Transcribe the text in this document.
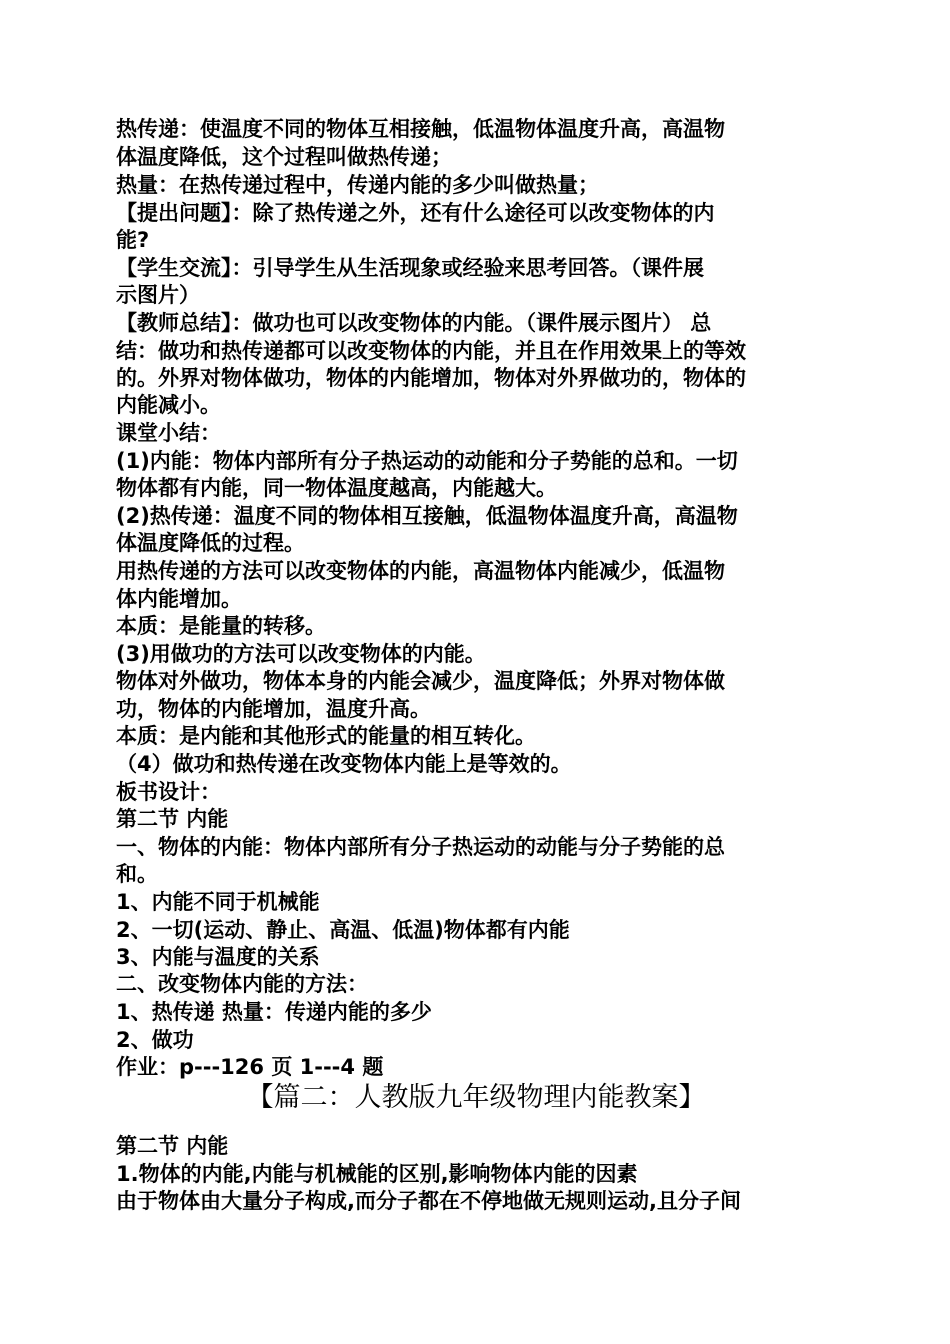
热传递：使温度不同的物体互相接触，低温物体温度升高，高温物
体温度降低，这个过程叫做热传递；
热量：在热传递过程中，传递内能的多少叫做热量；
【提出问题】：除了热传递之外，还有什么途径可以改变物体的内
能?
【学生交流】：引导学生从生活现象或经验来思考回答。（课件展
示图片）
【教师总结】：做功也可以改变物体的内能。（课件展示图片） 总
结：做功和热传递都可以改变物体的内能，并且在作用效果上的等效
的。外界对物体做功，物体的内能增加，物体对外界做功的，物体的
内能减小。
课堂小结：
(1)内能：物体内部所有分子热运动的动能和分子势能的总和。一切
物体都有内能，同一物体温度越高，内能越大。
(2)热传递：温度不同的物体相互接触，低温物体温度升高，高温物
体温度降低的过程。
用热传递的方法可以改变物体的内能，高温物体内能减少，低温物
体内能增加。
本质：是能量的转移。
(3)用做功的方法可以改变物体的内能。
物体对外做功，物体本身的内能会减少，温度降低；外界对物体做
功，物体的内能增加，温度升高。
本质：是内能和其他形式的能量的相互转化。
（4）做功和热传递在改变物体内能上是等效的。
板书设计：
第二节 内能
一、物体的内能：物体内部所有分子热运动的动能与分子势能的总
和。
1、内能不同于机械能
2、一切(运动、静止、高温、低温)物体都有内能
3、内能与温度的关系
二、改变物体内能的方法：
1、热传递 热量：传递内能的多少
2、做功
作业：p---126 页 1---4 题
【篇二：人教版九年级物理内能教案】
第二节 内能
1.物体的内能,内能与机械能的区别,影响物体内能的因素
由于物体由大量分子构成,而分子都在不停地做无规则运动,且分子间
